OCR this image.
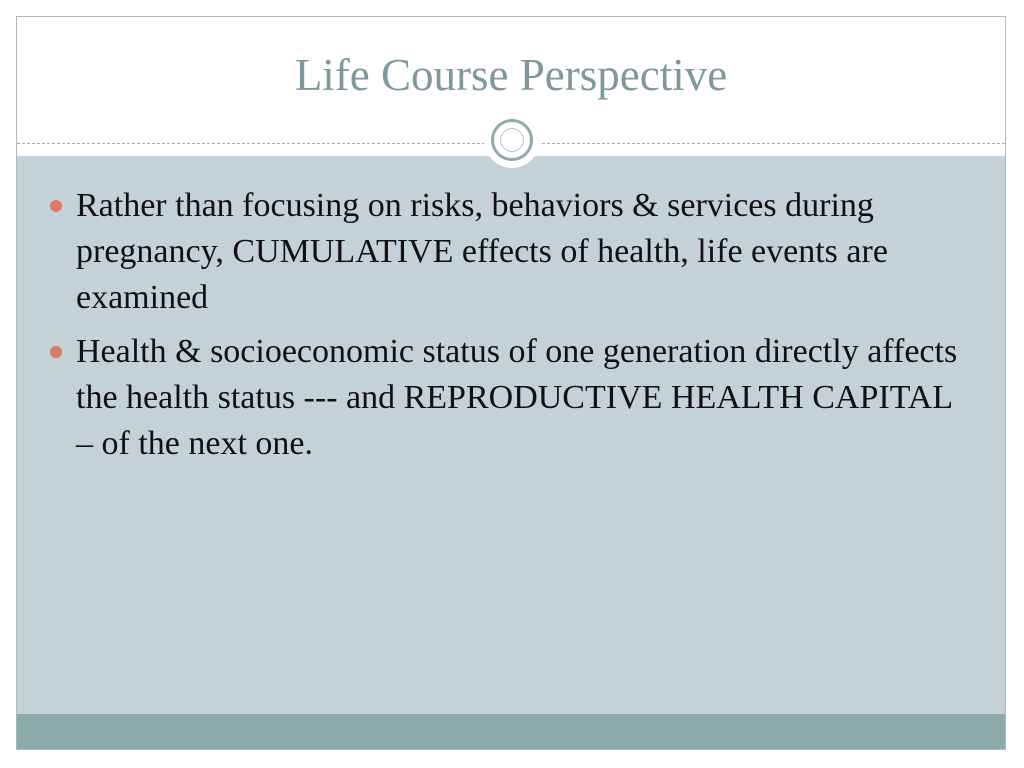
Life Course Perspective
Rather than focusing on risks, behaviors & services during pregnancy, CUMULATIVE effects of health, life events are examined
Health & socioeconomic status of one generation directly affects the health status --- and REPRODUCTIVE HEALTH CAPITAL – of the next one.
